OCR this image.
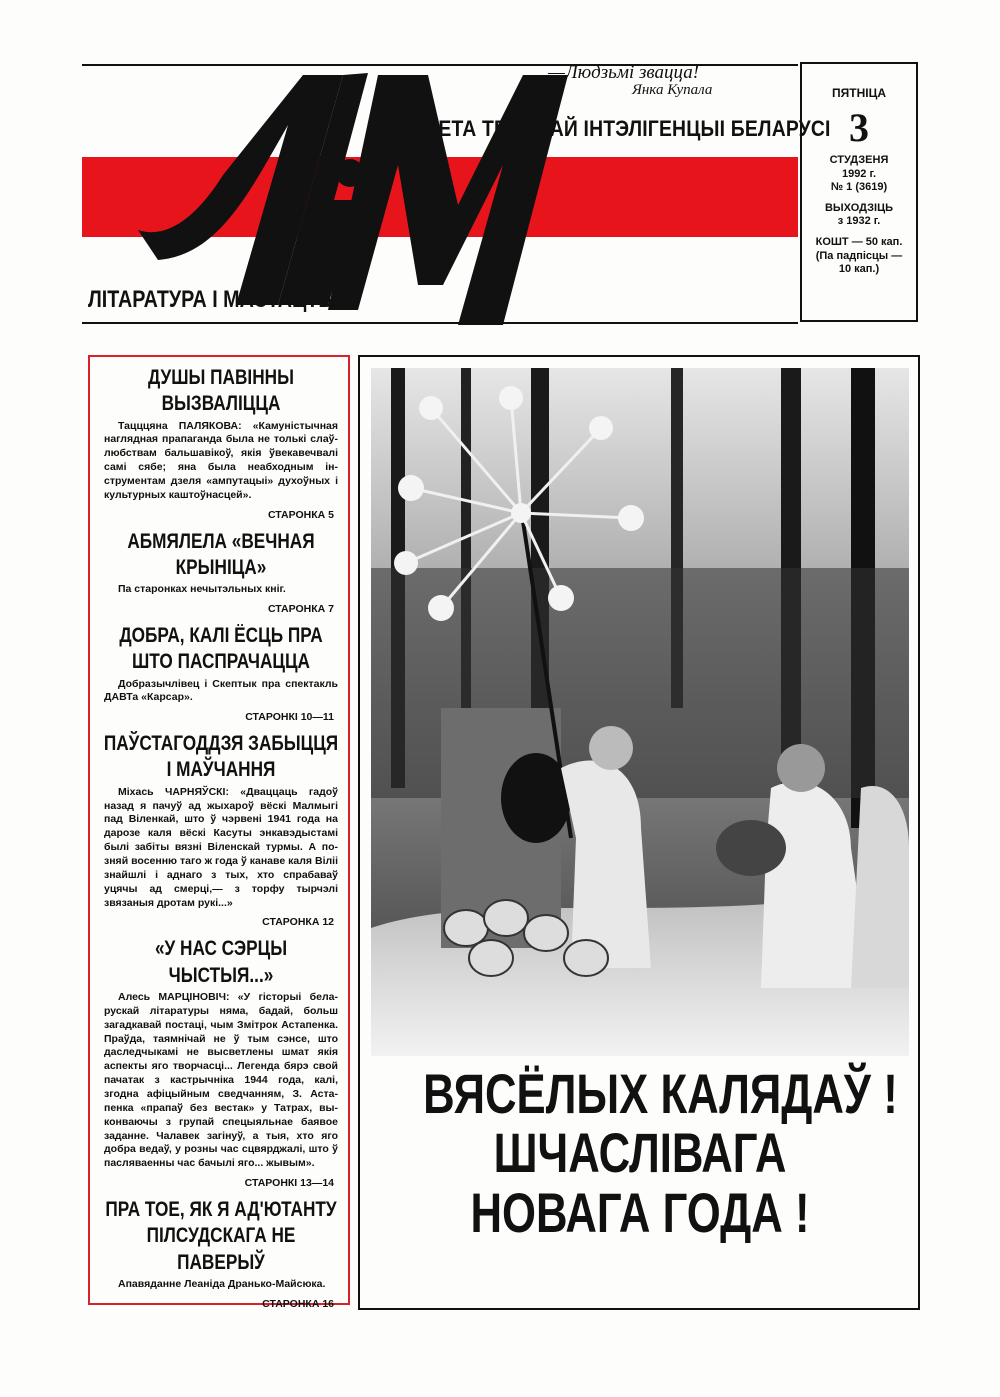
ЛіМ
—Людзьмі звацца!
Янка Купала
ГАЗЕТА ТВОРЧАЙ ІНТЭЛІГЕНЦЫІ БЕЛАРУСІ
ЛІТАРАТУРА І МАСТАЦТВА
ПЯТНІЦА
3
СТУДЗЕНЯ
1992 г.
№ 1 (3619)
ВЫХОДЗІЦЬ
з 1932 г.
КОШТ — 50 кап.
(Па падпісцы —
10 кап.)
ДУШЫ ПАВІННЫ ВЫЗВАЛІЦЦА
Тацццяна ПАЛЯКОВА: «Камуністычная наглядная прапаганда была не толькі слаўлюбствам бальшавікоў, якія ўвекавечвалі самі сябе; яна была неабходным інструментам дзеля «ампутацыі» духоўных і культурных каштоўнасцей».
СТАРОНКА 5
АБМЯЛЕЛА «ВЕЧНАЯ КРЫНІЦА»
Па старонках нечытэльных кніг.
СТАРОНКА 7
ДОБРА, КАЛІ ЁСЦЬ ПРА ШТО ПАСПРАЧАЦЦА
Добразычлівец і Скептык пра спектакль ДАВТа «Карсар».
СТАРОНКІ 10—11
ПАЎСТАГОДДЗЯ ЗАБЫЦЦЯ І МАЎЧАННЯ
Міхась ЧАРНЯЎСКІ: «Дваццаць гадоў назад я пачуў ад жыхароў вёскі Малмыгі пад Віленкай, што ў чэрвені 1941 года на дарозе каля вёскі Касуты энкавэдыстамі былі забіты вязні Віленскай турмы. А позняй восенню таго ж года ў канаве каля Віліі знайшлі і аднаго з тых, хто спрабаваў уцячы ад смерці,— з торфу тырчэлі звязаныя дротам рукі...»
СТАРОНКА 12
«У НАС СЭРЦЫ ЧЫСТЫЯ...»
Алесь МАРЦІНОВІЧ: «У гісторыі беларускай літаратуры няма, бадай, больш загадкавай постаці, чым Змітрок Астапенка. Праўда, таямнічай не ў тым сэнсе, што даследчыкамі не высветлены шмат якія аспекты яго творчасці... Легенда бярэ свой пачатак з кастрычніка 1944 года, калі, згодна афіцыйным сведчанням, З. Астапенка «прапаў без вестак» у Татрах, выконваючы з групай спецыяльнае баявое заданне. Чалавек загінуў, а тыя, хто яго добра ведаў, у розны час сцвярджалі, што ў пасляваенны час бачылі яго... жывым».
СТАРОНКІ 13—14
ПРА ТОЕ, ЯК Я АД'ЮТАНТУ ПІЛСУДСКАГА НЕ ПАВЕРЫЎ
Апавяданне Леаніда Дранько-Майсюка.
СТАРОНКА 16
ВЯСЁЛЫХ КАЛЯДАЎ !
ШЧАСЛІВАГА
НОВАГА ГОДА !
